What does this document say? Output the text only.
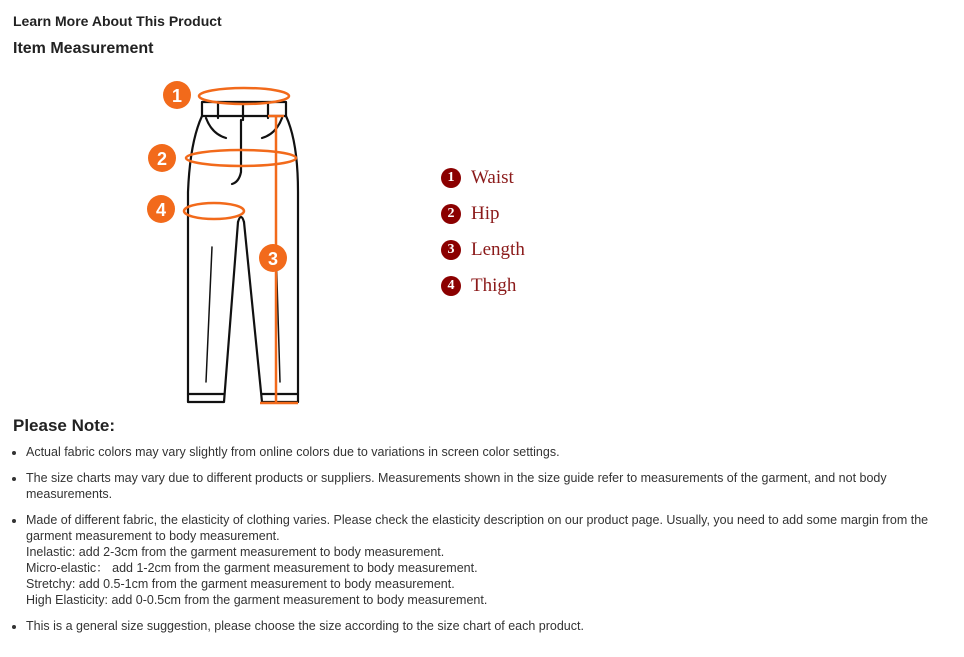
Learn More About This Product
Item Measurement
1
2
3
4
1 Waist
2 Hip
3 Length
4 Thigh
Please Note:
• Actual fabric colors may vary slightly from online colors due to variations in screen color settings.
• The size charts may vary due to different products or suppliers. Measurements shown in the size guide refer to measurements of the garment, and not body measurements.
• Made of different fabric, the elasticity of clothing varies. Please check the elasticity description on our product page. Usually, you need to add some margin from the garment measurement to body measurement.
Inelastic: add 2-3cm from the garment measurement to body measurement.
Micro-elastic： add 1-2cm from the garment measurement to body measurement.
Stretchy: add 0.5-1cm from the garment measurement to body measurement.
High Elasticity: add 0-0.5cm from the garment measurement to body measurement.
• This is a general size suggestion, please choose the size according to the size chart of each product.
